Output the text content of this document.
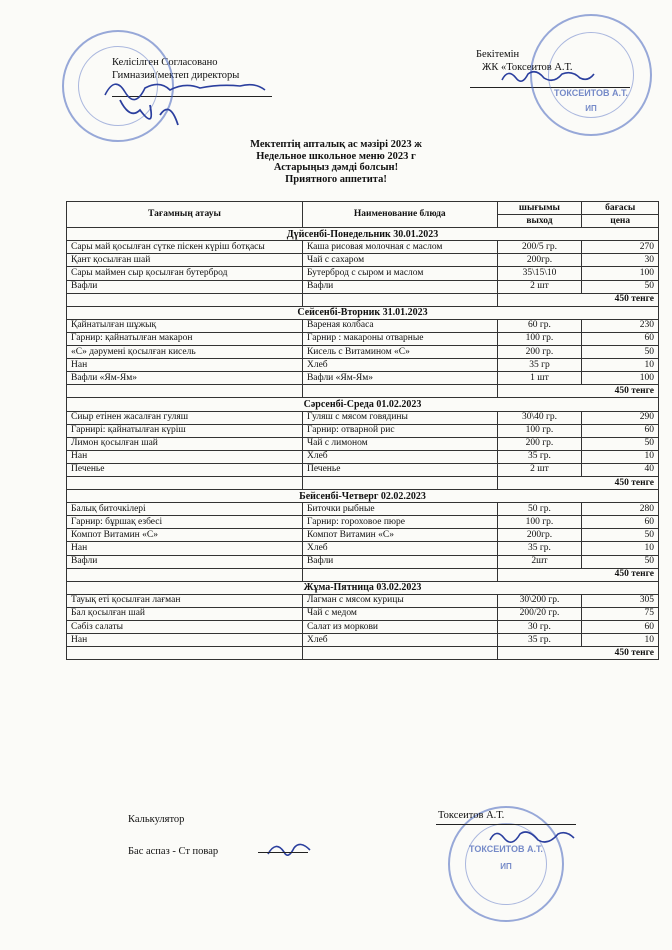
Келісілген Согласовано
Гимназия/мектеп директоры
Бекітемін
ЖК «Токсеитов А.Т.
ТОКСЕИТОВ А.Т.
ИП
ТОКСЕИТОВ А.Т.
ИП
Мектептің апталық ас мәзірі 2023 ж
Недельное школьное меню 2023 г
Астарыңыз дәмді болсын!
Приятного аппетита!
Тағамның атауы	Наименование блюда	шығымы	бағасы
		выход	цена
Дүйсенбі-Понедельник 30.01.2023			
Сары май қосылған сүтке піскен күріш ботқасы	Каша рисовая молочная с маслом	200/5 гр.	270
Қант қосылған шай	Чай с сахаром	200гр.	30
Сары маймен сыр қосылған бутерброд	Бутерброд с сыром и маслом	35\15\10	100
Вафли	Вафли	2 шт	50
		450 тенге	
Сейсенбі-Вторник 31.01.2023			
Қайнатылған шұжық	Вареная колбаса	60 гр.	230
Гарнир: қайнатылған макарон	Гарнир : макароны отварные	100 гр.	60
«С» дәрумені қосылған кисель	Кисель с Витамином «С»	200 гр.	50
Нан	Хлеб	35 гр	10
Вафли «Ям-Ям»	Вафли «Ям-Ям»	1 шт	100
		450 тенге	
Сәрсенбі-Среда 01.02.2023			
Сиыр етінен жасалған гуляш	Гуляш с мясом говядины	30\40 гр.	290
Гарнирі: қайнатылған күріш	Гарнир: отварной рис	100 гр.	60
Лимон қосылған шай	Чай с лимоном	200 гр.	50
Нан	Хлеб	35 гр.	10
Печенье	Печенье	2 шт	40
		450 тенге	
Бейсенбі-Четверг 02.02.2023			
Балық биточкілері	Биточки рыбные	50 гр.	280
Гарнир: бұршақ езбесі	Гарнир: гороховое пюре	100 гр.	60
Компот Витамин «С»	Компот Витамин «С»	200гр.	50
Нан	Хлеб	35 гр.	10
Вафли	Вафли	2шт	50
		450 тенге	
Жұма-Пятница 03.02.2023			
Тауық еті қосылған лағман	Лагман с мясом курицы	30\200 гр.	305
Бал қосылған шай	Чай с медом	200/20 гр.	75
Сәбіз салаты	Салат из моркови	30 гр.	60
Нан	Хлеб	35 гр.	10
		450 тенге	
Калькулятор	Токсеитов А.Т.
Бас аспаз - Ст повар
